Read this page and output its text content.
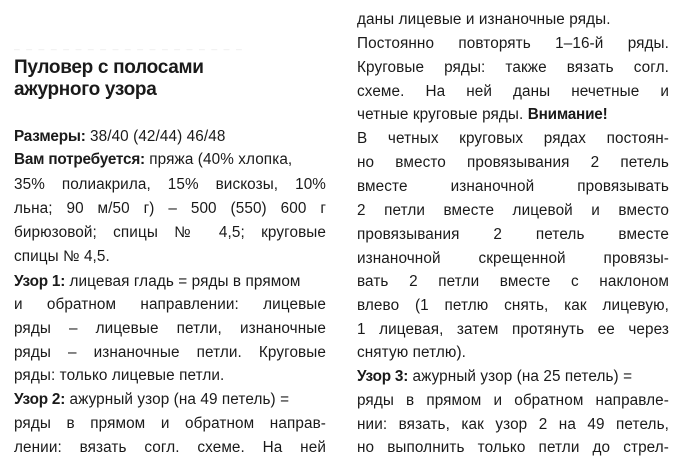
_ _ _ _ _ _ _ _ _ _ _ _ _ _ _ _ _ _ _
Пуловер с полосами
ажурного узора
Размеры: 38/40 (42/44) 46/48
Вам потребуется: пряжа (40% хлопка,
35% полиакрила, 15% вискозы, 10%
льна; 90 м/50 г) – 500 (550) 600 г
бирюзовой; спицы № 4,5; круговые
спицы № 4,5.
Узор 1: лицевая гладь = ряды в прямом
и обратном направлении: лицевые
ряды – лицевые петли, изнаночные
ряды – изнаночные петли. Круговые
ряды: только лицевые петли.
Узор 2: ажурный узор (на 49 петель) =
ряды в прямом и обратном направ-
лении: вязать согл. схеме. На ней
даны лицевые и изнаночные ряды.
Постоянно повторять 1–16-й ряды.
Круговые ряды: также вязать согл.
схеме. На ней даны нечетные и
четные круговые ряды. Внимание!
В четных круговых рядах постоян-
но вместо провязывания 2 петель
вместе изнаночной провязывать
2 петли вместе лицевой и вместо
провязывания 2 петель вместе
изнаночной скрещенной провязы-
вать 2 петли вместе с наклоном
влево (1 петлю снять, как лицевую,
1 лицевая, затем протянуть ее через
снятую петлю).
Узор 3: ажурный узор (на 25 петель) =
ряды в прямом и обратном направле-
нии: вязать, как узор 2 на 49 петель,
но выполнить только петли до стрел-
